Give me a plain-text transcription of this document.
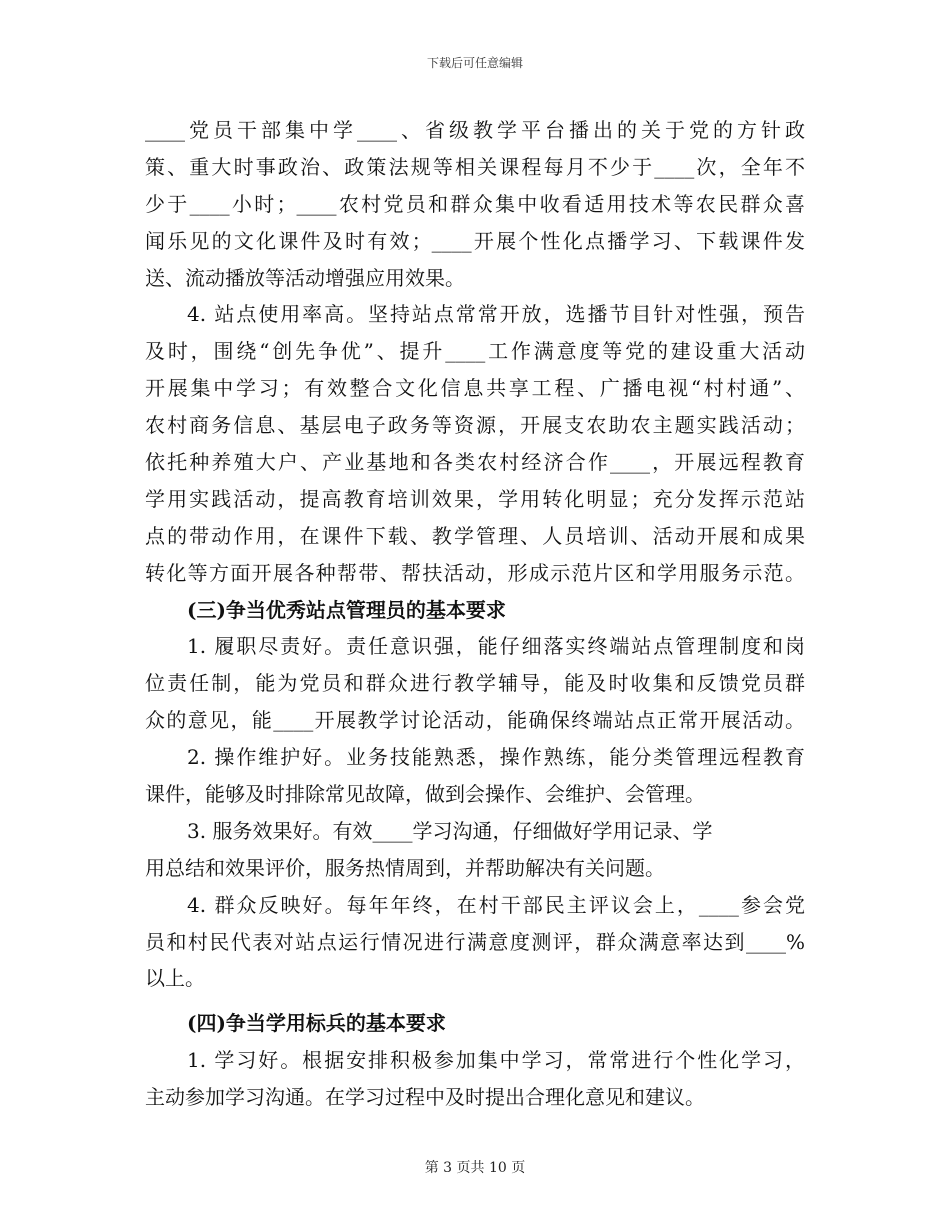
下载后可任意编辑
____党员干部集中学____、省级教学平台播出的关于党的方针政
策、重大时事政治、政策法规等相关课程每月不少于____次，全年不
少于____小时；____农村党员和群众集中收看适用技术等农民群众喜
闻乐见的文化课件及时有效；____开展个性化点播学习、下载课件发
送、流动播放等活动增强应用效果。
4. 站点使用率高。坚持站点常常开放，选播节目针对性强，预告
及时，围绕“创先争优”、提升____工作满意度等党的建设重大活动
开展集中学习；有效整合文化信息共享工程、广播电视“村村通”、
农村商务信息、基层电子政务等资源，开展支农助农主题实践活动；
依托种养殖大户、产业基地和各类农村经济合作____，开展远程教育
学用实践活动，提高教育培训效果，学用转化明显；充分发挥示范站
点的带动作用，在课件下载、教学管理、人员培训、活动开展和成果
转化等方面开展各种帮带、帮扶活动，形成示范片区和学用服务示范。
(三)争当优秀站点管理员的基本要求
1. 履职尽责好。责任意识强，能仔细落实终端站点管理制度和岗
位责任制，能为党员和群众进行教学辅导，能及时收集和反馈党员群
众的意见，能____开展教学讨论活动，能确保终端站点正常开展活动。
2. 操作维护好。业务技能熟悉，操作熟练，能分类管理远程教育
课件，能够及时排除常见故障，做到会操作、会维护、会管理。
3. 服务效果好。有效____学习沟通，仔细做好学用记录、学
用总结和效果评价，服务热情周到，并帮助解决有关问题。
4. 群众反映好。每年年终，在村干部民主评议会上，____参会党
员和村民代表对站点运行情况进行满意度测评，群众满意率达到____%
以上。
(四)争当学用标兵的基本要求
1. 学习好。根据安排积极参加集中学习，常常进行个性化学习，
主动参加学习沟通。在学习过程中及时提出合理化意见和建议。
第 3 页共 10 页
